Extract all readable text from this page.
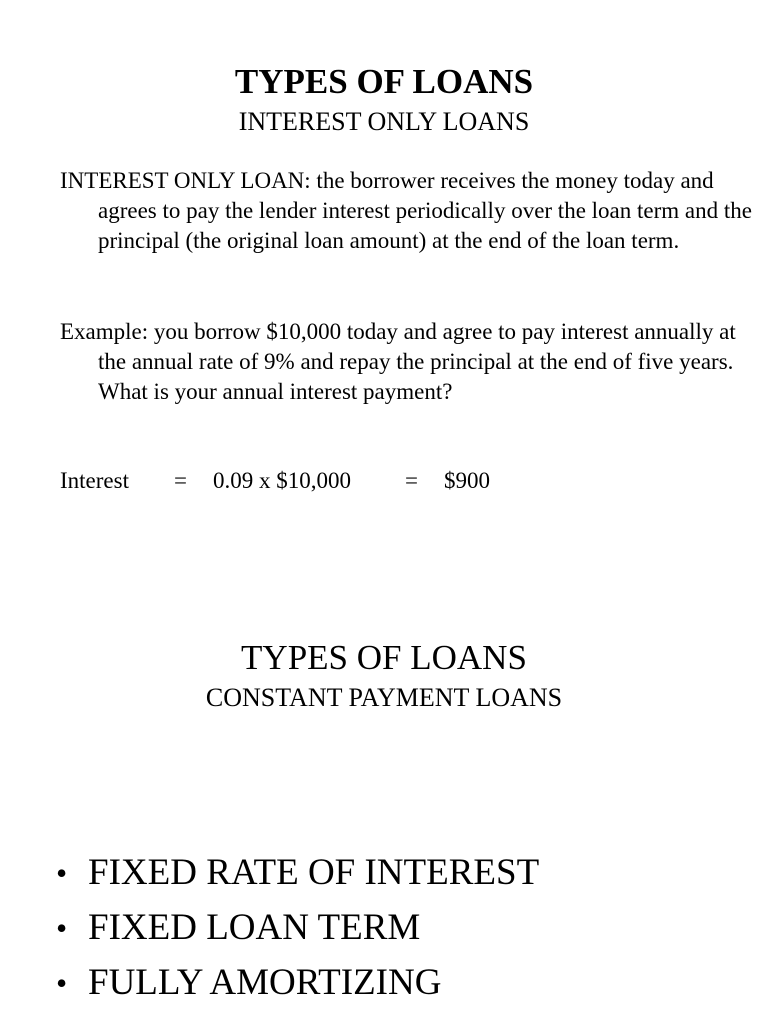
TYPES OF LOANS
INTEREST ONLY LOANS

INTEREST ONLY LOAN: the borrower receives the money today and agrees to pay the lender interest periodically over the loan term and the principal (the original loan amount) at the end of the loan term.

Example: you borrow $10,000 today and agree to pay interest annually at the annual rate of 9% and repay the principal at the end of five years. What is your annual interest payment?

Interest = 0.09 x $10,000 = $900
TYPES OF LOANS
CONSTANT PAYMENT LOANS
• FIXED RATE OF INTEREST
• FIXED LOAN TERM
• FULLY AMORTIZING
